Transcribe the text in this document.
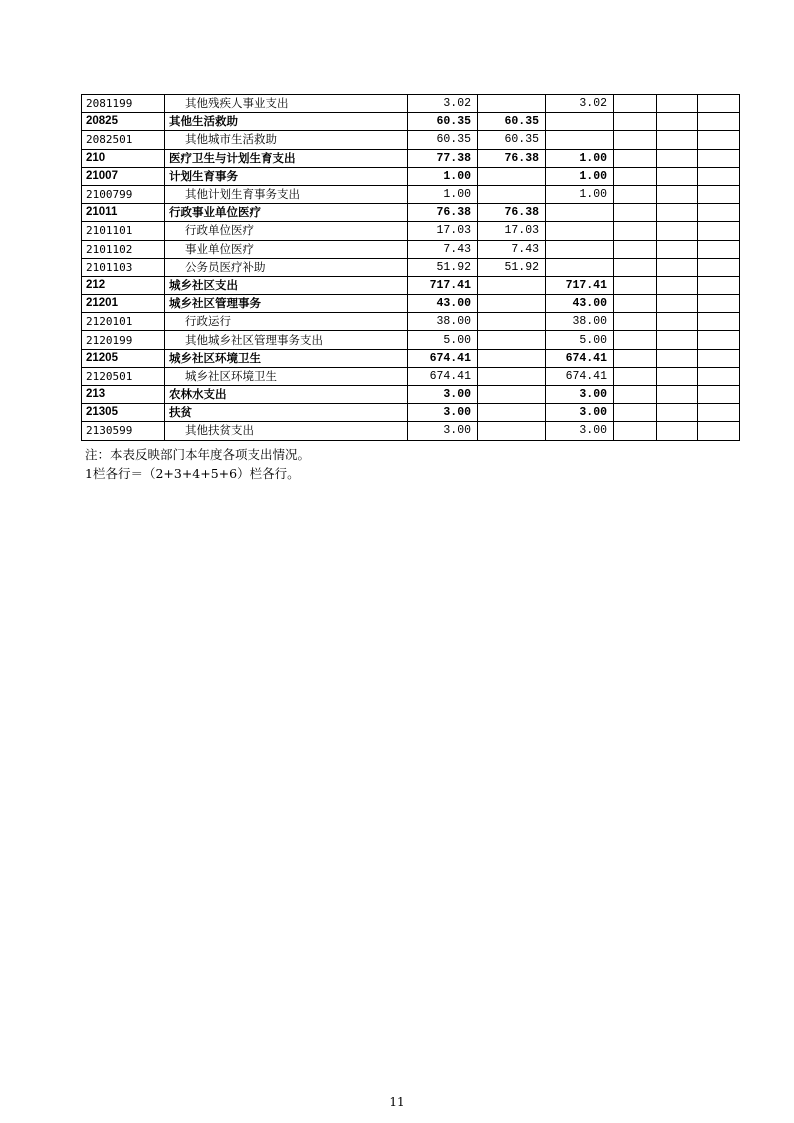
2081199	其他残疾人事业支出	3.02		3.02			
20825	其他生活救助	60.35	60.35				
2082501	其他城市生活救助	60.35	60.35				
210	医疗卫生与计划生育支出	77.38	76.38	1.00			
21007	计划生育事务	1.00		1.00			
2100799	其他计划生育事务支出	1.00		1.00			
21011	行政事业单位医疗	76.38	76.38				
2101101	行政单位医疗	17.03	17.03				
2101102	事业单位医疗	7.43	7.43				
2101103	公务员医疗补助	51.92	51.92				
212	城乡社区支出	717.41		717.41			
21201	城乡社区管理事务	43.00		43.00			
2120101	行政运行	38.00		38.00			
2120199	其他城乡社区管理事务支出	5.00		5.00			
21205	城乡社区环境卫生	674.41		674.41			
2120501	城乡社区环境卫生	674.41		674.41			
213	农林水支出	3.00		3.00			
21305	扶贫	3.00		3.00			
2130599	其他扶贫支出	3.00		3.00			
注：本表反映部门本年度各项支出情况。
1栏各行＝（2+3+4+5+6）栏各行。
11
